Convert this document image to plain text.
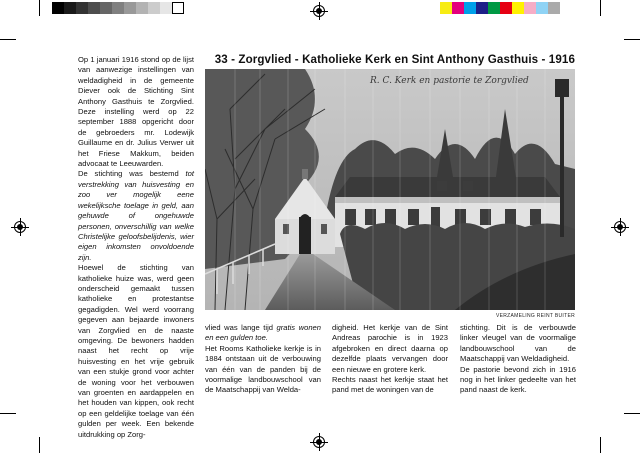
Op 1 januari 1916 stond op de lijst van aanwezige instellingen van weldadigheid in de gemeente Diever ook de Stichting Sint Anthony Gasthuis te Zorgvlied. Deze instelling werd op 22 september 1888 opgericht door de gebroeders mr. Lodewijk Guillaume en dr. Julius Verwer uit het Friese Makkum, beiden advocaat te Leeuwarden.

De stichting was bestemd tot verstrekking van huisvesting en zoo ver mogelijk eene wekelijksche toelage in geld, aan gehuwde of ongehuwde personen, onverschillig van welke Christelijke geloofsbelijdenis, wier eigen inkomsten onvoldoende zijn.

Hoewel de stichting van katholieke huize was, werd geen onderscheid gemaakt tussen katholieke en protestantse gegadigden. Wel werd voorrang gegeven aan bejaarde inwoners van Zorgvlied en de naaste omgeving. De bewoners hadden naast het recht op vrije huisvesting en het vrije gebruik van een stukje grond voor achter de woning voor het verbouwen van groenten en aardappelen en het houden van kippen, ook recht op een geldelijke toelage van één gulden per week. Een bekende uitdrukking op Zorg-

33 - Zorgvlied - Katholieke Kerk en Sint Anthony Gasthuis - 1916
R. C. Kerk en pastorie te Zorgvlied
VERZAMELING REINT BUITER

vlied was lange tijd gratis wonen en een gulden toe.

Het Rooms Katholieke kerkje is in 1884 ontstaan uit de verbouwing van één van de panden bij de voormalige landbouwschool van de Maatschappij van Welda-

digheid. Het kerkje van de Sint Andreas parochie is in 1923 afgebroken en direct daarna op dezelfde plaats vervangen door een nieuwe en grotere kerk.

Rechts naast het kerkje staat het pand met de woningen van de

stichting. Dit is de verbouwde linker vleugel van de voormalige landbouwschool van de Maatschappij van Weldadigheid.

De pastorie bevond zich in 1916 nog in het linker gedeelte van het pand naast de kerk.
